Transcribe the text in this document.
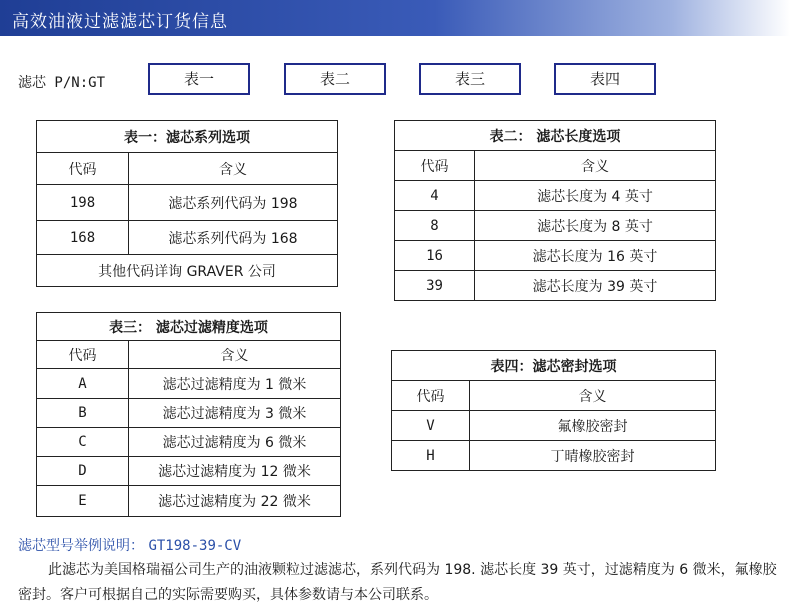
高效油液过滤滤芯订货信息
滤芯 P/N:GT	表一	表二	表三	表四
表一：滤芯系列选项	
代码	含义
198	滤芯系列代码为 198
168	滤芯系列代码为 168
其他代码详询 GRAVER 公司	
表二： 滤芯长度选项	
代码	含义
4	滤芯长度为 4 英寸
8	滤芯长度为 8 英寸
16	滤芯长度为 16 英寸
39	滤芯长度为 39 英寸
表三： 滤芯过滤精度选项	
代码	含义
A	滤芯过滤精度为 1 微米
B	滤芯过滤精度为 3 微米
C	滤芯过滤精度为 6 微米
D	滤芯过滤精度为 12 微米
E	滤芯过滤精度为 22 微米
表四：滤芯密封选项	
代码	含义
V	氟橡胶密封
H	丁晴橡胶密封
滤芯型号举例说明： GT198-39-CV
此滤芯为美国格瑞福公司生产的油液颗粒过滤滤芯，系列代码为 198. 滤芯长度 39 英寸，过滤精度为 6 微米，氟橡胶密封。客户可根据自己的实际需要购买，具体参数请与本公司联系。
